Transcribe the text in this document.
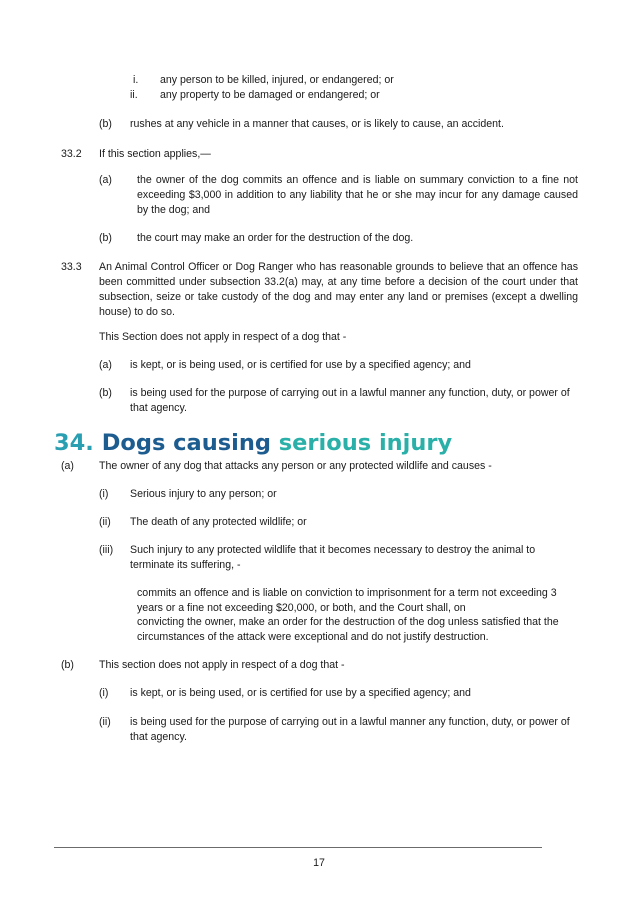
i. any person to be killed, injured, or endangered; or
ii. any property to be damaged or endangered; or
(b) rushes at any vehicle in a manner that causes, or is likely to cause, an accident.
33.2 If this section applies,—
(a) the owner of the dog commits an offence and is liable on summary conviction to a fine not exceeding $3,000 in addition to any liability that he or she may incur for any damage caused by the dog; and
(b) the court may make an order for the destruction of the dog.
33.3 An Animal Control Officer or Dog Ranger who has reasonable grounds to believe that an offence has been committed under subsection 33.2(a) may, at any time before a decision of the court under that subsection, seize or take custody of the dog and may enter any land or premises (except a dwelling house) to do so.
This Section does not apply in respect of a dog that -
(a) is kept, or is being used, or is certified for use by a specified agency; and
(b) is being used for the purpose of carrying out in a lawful manner any function, duty, or power of that agency.
34. Dogs causing serious injury
(a) The owner of any dog that attacks any person or any protected wildlife and causes -
(i) Serious injury to any person; or
(ii) The death of any protected wildlife; or
(iii) Such injury to any protected wildlife that it becomes necessary to destroy the animal to
terminate its suffering, -
commits an offence and is liable on conviction to imprisonment for a term not exceeding 3
years or a fine not exceeding $20,000, or both, and the Court shall, on
convicting the owner, make an order for the destruction of the dog unless satisfied that the
circumstances of the attack were exceptional and do not justify destruction.
(b) This section does not apply in respect of a dog that -
(i) is kept, or is being used, or is certified for use by a specified agency; and
(ii) is being used for the purpose of carrying out in a lawful manner any function, duty, or power of that agency.
17
